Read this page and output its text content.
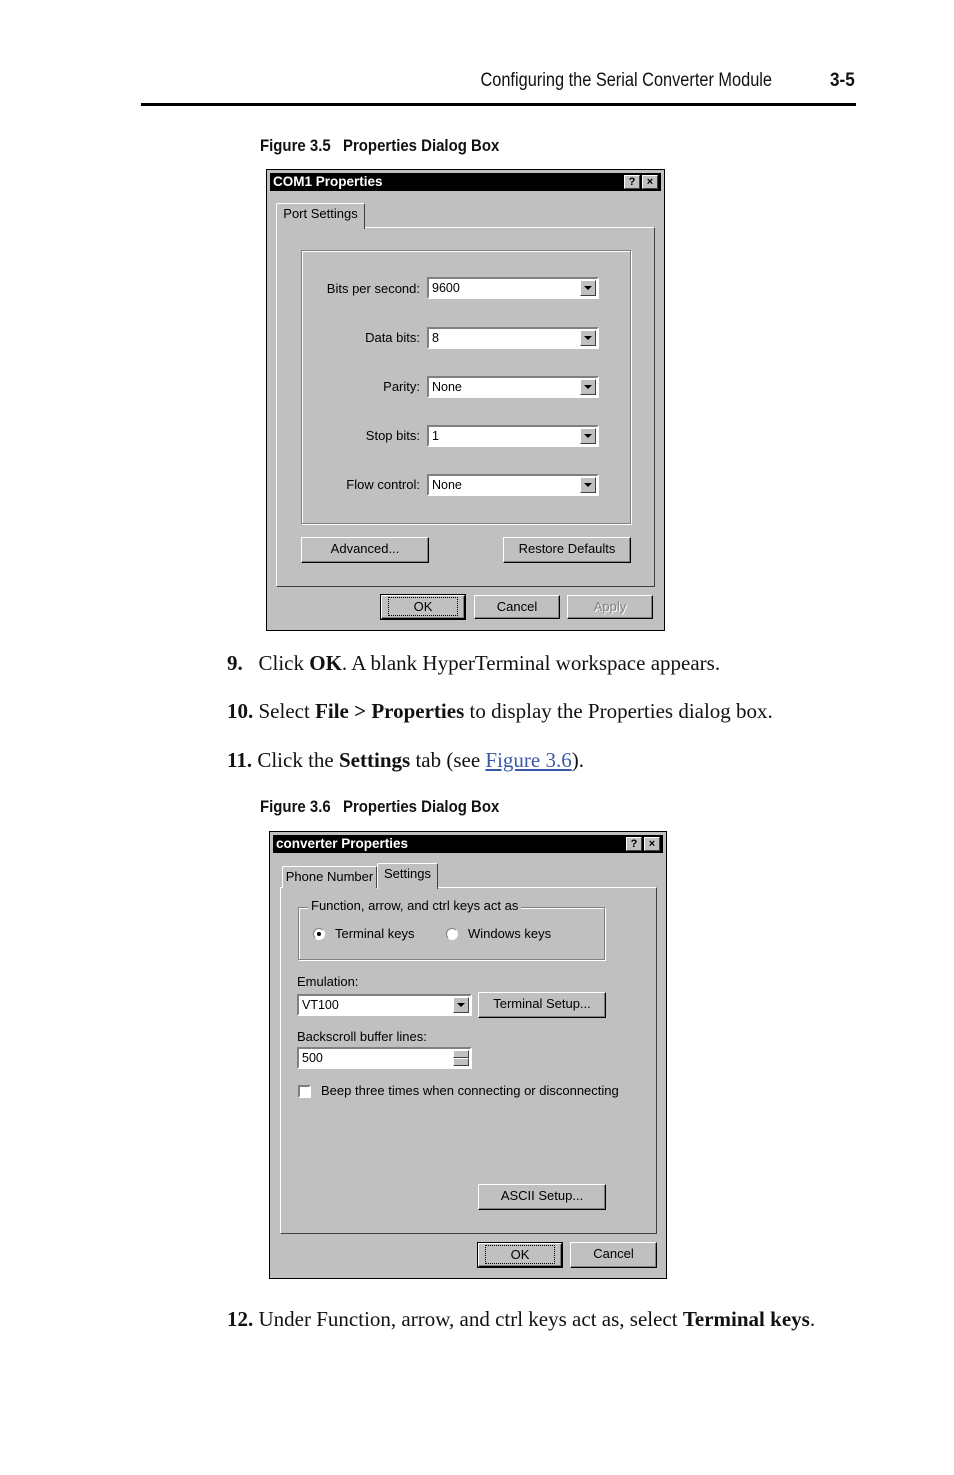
Configuring the Serial Converter Module	3-5
Figure 3.5 Properties Dialog Box
COM1 Properties	?	×
Port Settings
Bits per second: 9600
Data bits: 8
Parity: None
Stop bits: 1
Flow control: None
Advanced...	Restore Defaults
OK	Cancel	Apply
9. Click OK. A blank HyperTerminal workspace appears.
10. Select File > Properties to display the Properties dialog box.
11. Click the Settings tab (see Figure 3.6).
Figure 3.6 Properties Dialog Box
converter Properties	?	×
Phone Number Settings
Function, arrow, and ctrl keys act as
Terminal keys	Windows keys
Emulation:
VT100	Terminal Setup...
Backscroll buffer lines:
500
Beep three times when connecting or disconnecting
ASCII Setup...
OK	Cancel
12. Under Function, arrow, and ctrl keys act as, select Terminal keys.
